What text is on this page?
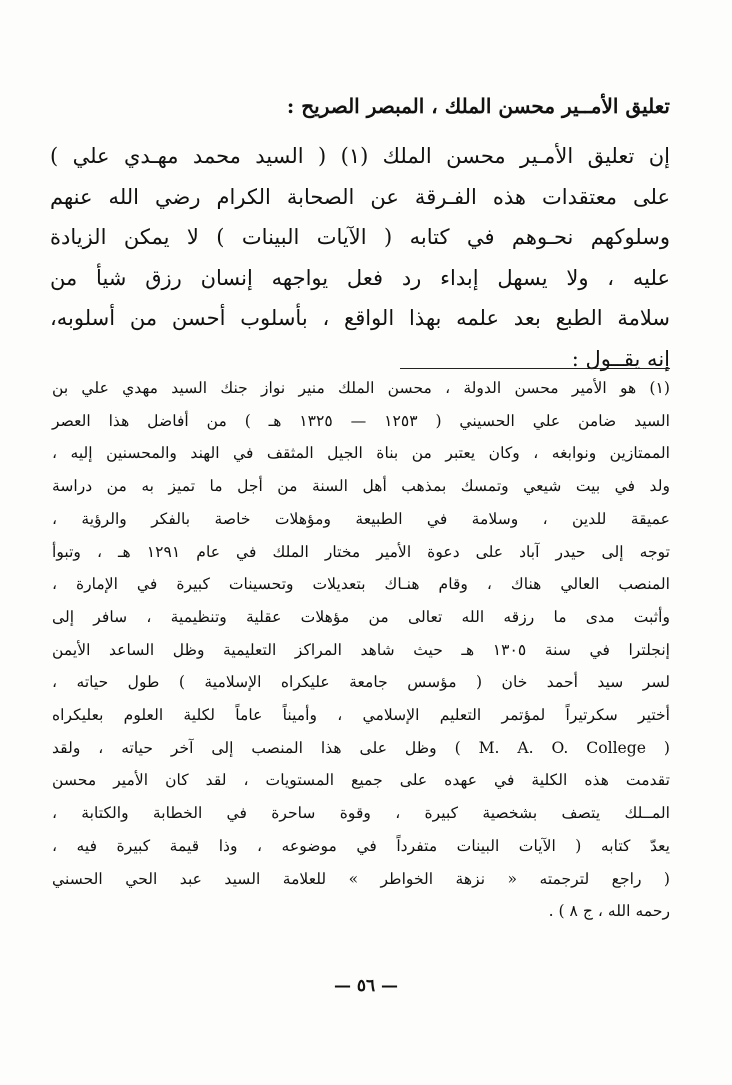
تعليق الأمــير محسن الملك ، المبصر الصريح :
إن تعليق الأمـير محسن الملك (١) ( السيد محمد مهـدي علي )
على معتقدات هذه الفـرقة عن الصحابة الكرام رضي الله عنهم
وسلوكهم نحـوهم في كتابه ( الآيات البينات ) لا يمكن الزيادة
عليه ، ولا يسهل إبداء رد فعل يواجهه إنسان رزق شيأ من
سلامة الطبع بعد علمه بهذا الواقع ، بأسلوب أحسن من أسلوبه،
إنه يقــول :
(١) هو الأمير محسن الدولة ، محسن الملك منير نواز جنك السيد مهدي علي بن
السيد ضامن علي الحسيني ( ١٢٥٣ — ١٣٢٥ هـ ) من أفاضل هذا العصر
الممتازين ونوابغه ، وكان يعتبر من بناة الجيل المثقف في الهند والمحسنين إليه ،
ولد في بيت شيعي وتمسك بمذهب أهل السنة من أجل ما تميز به من دراسة
عميقة للدين ، وسلامة في الطبيعة ومؤهلات خاصة بالفكر والرؤية ،
توجه إلى حيدر آباد على دعوة الأمير مختار الملك في عام ١٢٩١ هـ ، وتبوأ
المنصب العالي هناك ، وقام هنـاك بتعديلات وتحسينات كبيرة في الإمارة ،
وأثبت مدى ما رزقه الله تعالى من مؤهلات عقلية وتنظيمية ، سافر إلى
إنجلترا في سنة ١٣٠٥ هـ حيث شاهد المراكز التعليمية وظل الساعد الأيمن
لسر سيد أحمد خان ( مؤسس جامعة عليكراه الإسلامية ) طول حياته ،
أختير سكرتيراً لمؤتمر التعليم الإسلامي ، وأميناً عاماً لكلية العلوم بعليكراه
( M. A. O. College ) وظل على هذا المنصب إلى آخر حياته ، ولقد
تقدمت هذه الكلية في عهده على جميع المستويات ، لقد كان الأمير محسن
المــلك يتصف بشخصية كبيرة ، وقوة ساحرة في الخطابة والكتابة ،
يعدّ كتابه ( الآيات البينات متفرداً في موضوعه ، وذا قيمة كبيرة فيه ،
( راجع لترجمته « نزهة الخواطر » للعلامة السيد عبد الحي الحسني
رحمه الله ، ج ٨ ) .
— ٥٦ —
